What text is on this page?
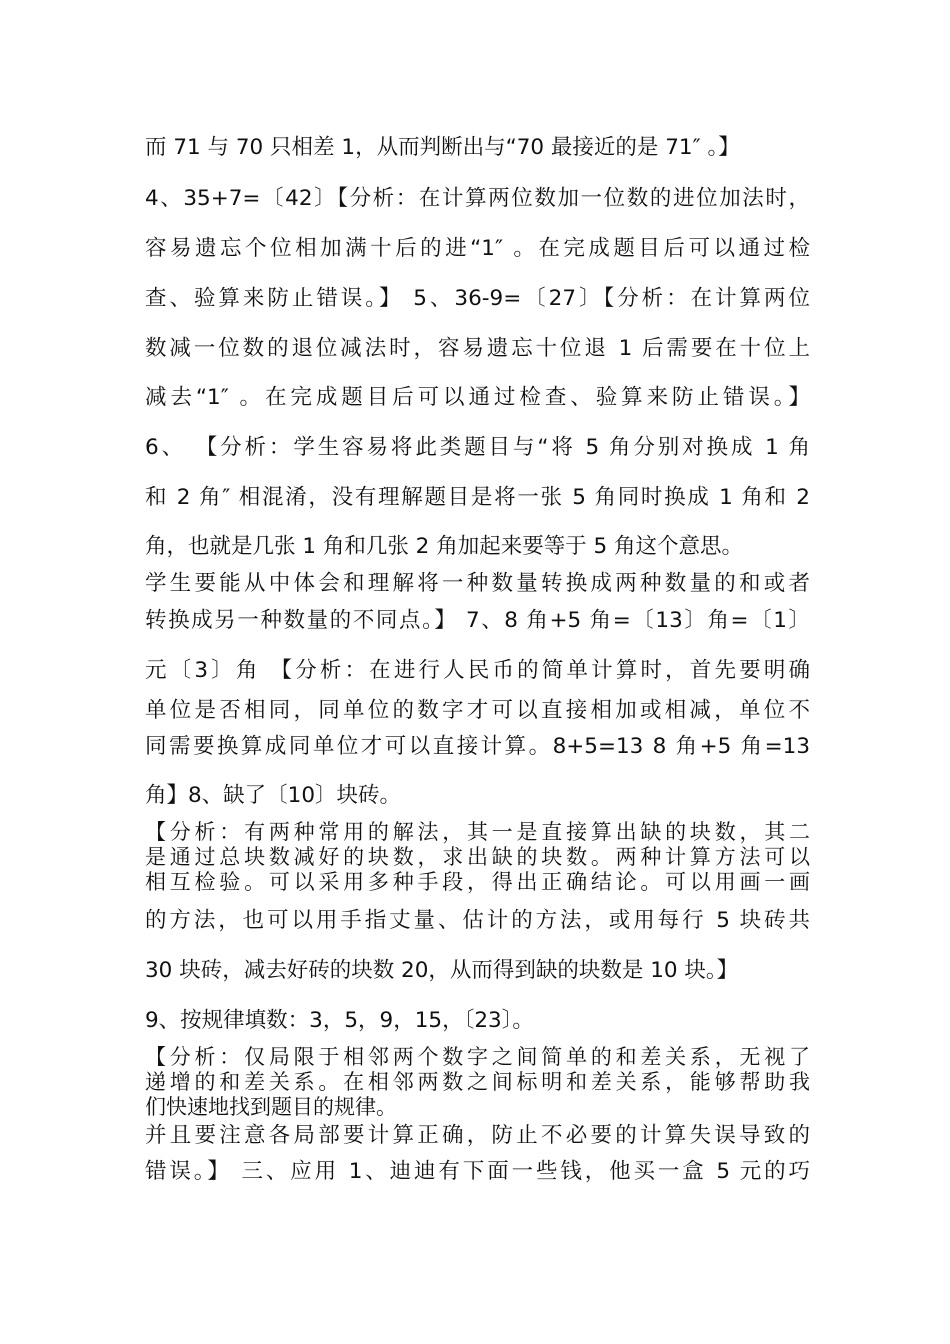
而 71 与 70 只相差 1，从而判断出与“70 最接近的是 71″ 。】
4、35+7=〔42〕【分析：在计算两位数加一位数的进位加法时，
容易遗忘个位相加满十后的进“1″ 。在完成题目后可以通过检
查、验算来防止错误。】 5、36-9=〔27〕【分析：在计算两位
数减一位数的退位减法时，容易遗忘十位退 1 后需要在十位上
减去“1″ 。在完成题目后可以通过检查、验算来防止错误。】
6、 【分析：学生容易将此类题目与“将 5 角分别对换成 1 角
和 2 角″ 相混淆，没有理解题目是将一张 5 角同时换成 1 角和 2
角，也就是几张 1 角和几张 2 角加起来要等于 5 角这个意思。
学生要能从中体会和理解将一种数量转换成两种数量的和或者
转换成另一种数量的不同点。】 7、8 角+5 角=〔13〕角=〔1〕
元〔3〕角 【分析：在进行人民币的简单计算时，首先要明确
单位是否相同，同单位的数字才可以直接相加或相减，单位不
同需要换算成同单位才可以直接计算。8+5=13 8 角+5 角=13
角】8、缺了〔10〕块砖。
【分析：有两种常用的解法，其一是直接算出缺的块数，其二
是通过总块数减好的块数，求出缺的块数。两种计算方法可以
相互检验。可以采用多种手段，得出正确结论。可以用画一画
的方法，也可以用手指丈量、估计的方法，或用每行 5 块砖共
30 块砖，减去好砖的块数 20，从而得到缺的块数是 10 块。】
9、按规律填数：3，5，9，15，〔23〕。
【分析：仅局限于相邻两个数字之间简单的和差关系，无视了
递增的和差关系。在相邻两数之间标明和差关系，能够帮助我
们快速地找到题目的规律。
并且要注意各局部要计算正确，防止不必要的计算失误导致的
错误。】 三、应用 1、迪迪有下面一些钱，他买一盒 5 元的巧
